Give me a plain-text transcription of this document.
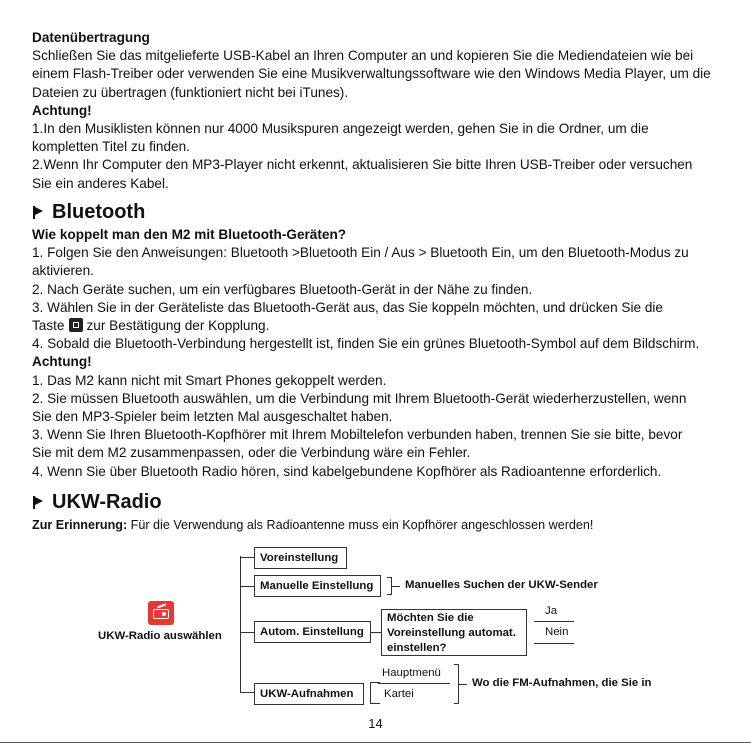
Datenübertragung
Schließen Sie das mitgelieferte USB-Kabel an Ihren Computer an und kopieren Sie die Mediendateien wie bei
einem Flash-Treiber oder verwenden Sie eine Musikverwaltungssoftware wie den Windows Media Player, um die
Dateien zu übertragen (funktioniert nicht bei iTunes).
Achtung!
1.In den Musiklisten können nur 4000 Musikspuren angezeigt werden, gehen Sie in die Ordner, um die
kompletten Titel zu finden.
2.Wenn Ihr Computer den MP3-Player nicht erkennt, aktualisieren Sie bitte Ihren USB-Treiber oder versuchen
Sie ein anderes Kabel.
Bluetooth
Wie koppelt man den M2 mit Bluetooth-Geräten?
1. Folgen Sie den Anweisungen: Bluetooth >Bluetooth Ein / Aus > Bluetooth Ein, um den Bluetooth-Modus zu
aktivieren.
2. Nach Geräte suchen, um ein verfügbares Bluetooth-Gerät in der Nähe zu finden.
3. Wählen Sie in der Geräteliste das Bluetooth-Gerät aus, das Sie koppeln möchten, und drücken Sie die
Taste zur Bestätigung der Kopplung.
4. Sobald die Bluetooth-Verbindung hergestellt ist, finden Sie ein grünes Bluetooth-Symbol auf dem Bildschirm.
Achtung!
1. Das M2 kann nicht mit Smart Phones gekoppelt werden.
2. Sie müssen Bluetooth auswählen, um die Verbindung mit Ihrem Bluetooth-Gerät wiederherzustellen, wenn
Sie den MP3-Spieler beim letzten Mal ausgeschaltet haben.
3. Wenn Sie Ihren Bluetooth-Kopfhörer mit Ihrem Mobiltelefon verbunden haben, trennen Sie sie bitte, bevor
Sie mit dem M2 zusammenpassen, oder die Verbindung wäre ein Fehler.
4. Wenn Sie über Bluetooth Radio hören, sind kabelgebundene Kopfhörer als Radioantenne erforderlich.
UKW-Radio
Zur Erinnerung: Für die Verwendung als Radioantenne muss ein Kopfhörer angeschlossen werden!
UKW-Radio auswählen
Voreinstellung
Manuelle Einstellung	Manuelles Suchen der UKW-Sender
Autom. Einstellung
Möchten Sie die
Voreinstellung automat.
einstellen?
Ja
Nein
UKW-Aufnahmen
Hauptmenü
Kartei
Wo die FM-Aufnahmen, die Sie in
14
